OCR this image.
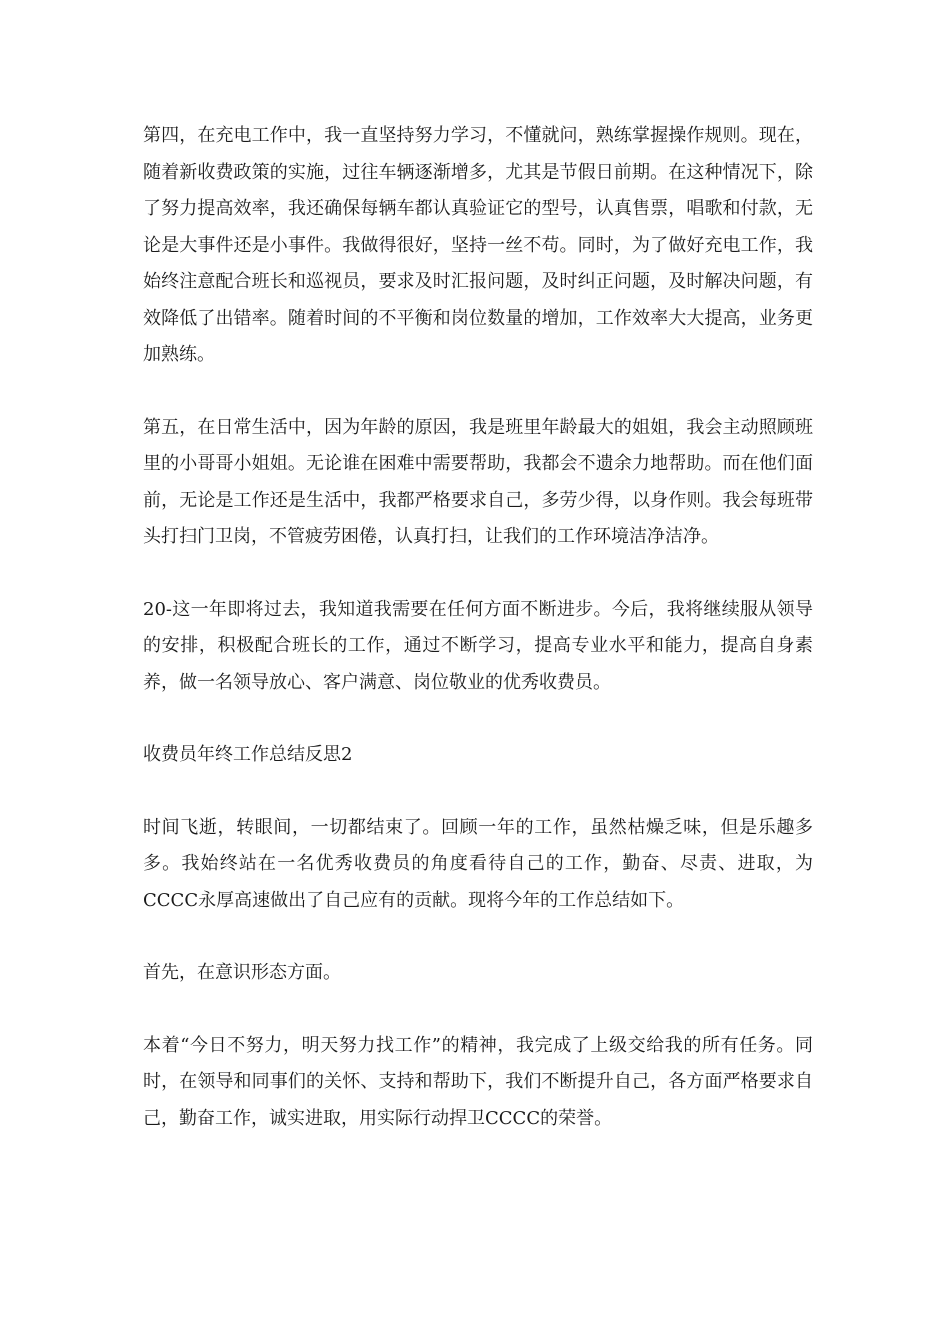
第四，在充电工作中，我一直坚持努力学习，不懂就问，熟练掌握操作规则。现在，随着新收费政策的实施，过往车辆逐渐增多，尤其是节假日前期。在这种情况下，除了努力提高效率，我还确保每辆车都认真验证它的型号，认真售票，唱歌和付款，无论是大事件还是小事件。我做得很好，坚持一丝不苟。同时，为了做好充电工作，我始终注意配合班长和巡视员，要求及时汇报问题，及时纠正问题，及时解决问题，有效降低了出错率。随着时间的不平衡和岗位数量的增加，工作效率大大提高，业务更加熟练。

第五，在日常生活中，因为年龄的原因，我是班里年龄最大的姐姐，我会主动照顾班里的小哥哥小姐姐。无论谁在困难中需要帮助，我都会不遗余力地帮助。而在他们面前，无论是工作还是生活中，我都严格要求自己，多劳少得，以身作则。我会每班带头打扫门卫岗，不管疲劳困倦，认真打扫，让我们的工作环境洁净洁净。

20-这一年即将过去，我知道我需要在任何方面不断进步。今后，我将继续服从领导的安排，积极配合班长的工作，通过不断学习，提高专业水平和能力，提高自身素养，做一名领导放心、客户满意、岗位敬业的优秀收费员。

收费员年终工作总结反思2

时间飞逝，转眼间，一切都结束了。回顾一年的工作，虽然枯燥乏味，但是乐趣多多。我始终站在一名优秀收费员的角度看待自己的工作，勤奋、尽责、进取，为CCCC永厚高速做出了自己应有的贡献。现将今年的工作总结如下。

首先，在意识形态方面。

本着“今日不努力，明天努力找工作”的精神，我完成了上级交给我的所有任务。同时，在领导和同事们的关怀、支持和帮助下，我们不断提升自己，各方面严格要求自己，勤奋工作，诚实进取，用实际行动捍卫CCCC的荣誉。
